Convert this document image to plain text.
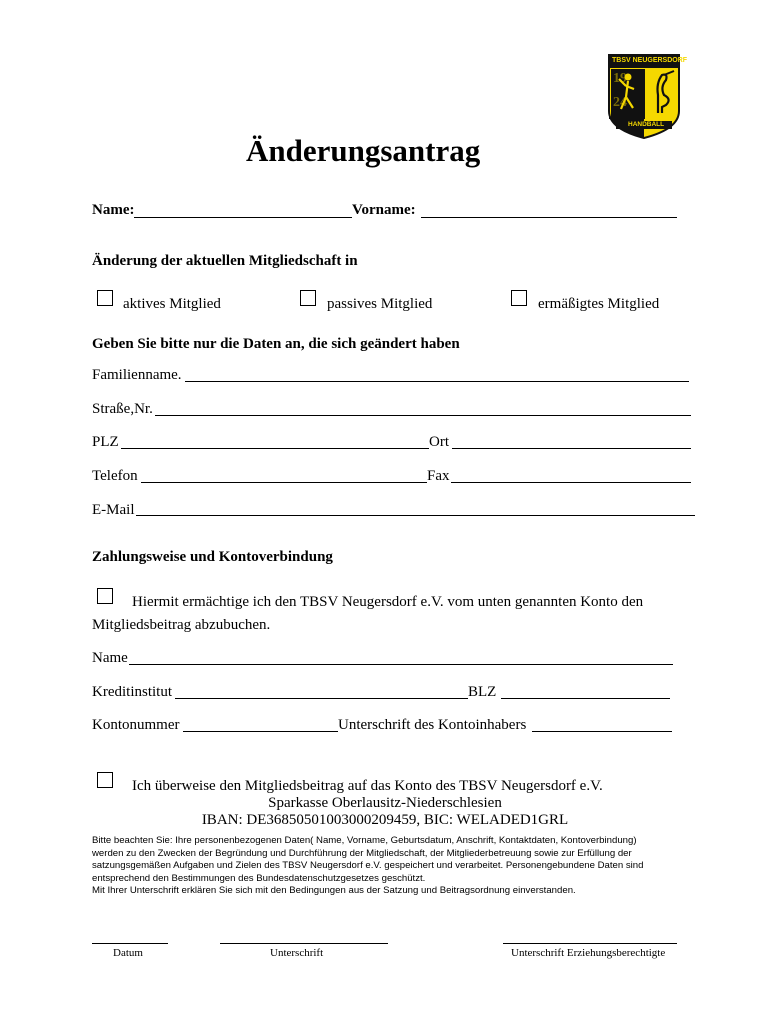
TBSV NEUGERSDORF
19
24
HANDBALL
Änderungsantrag
Name:	Vorname:
Änderung der aktuellen Mitgliedschaft in
aktives Mitglied	passives Mitglied	ermäßigtes Mitglied
Geben Sie bitte nur die Daten an, die sich geändert haben
Familienname.
Straße,Nr.
PLZ	Ort
Telefon	Fax
E-Mail
Zahlungsweise und Kontoverbindung
Hiermit ermächtige ich den TBSV Neugersdorf e.V. vom unten genannten Konto den
Mitgliedsbeitrag abzubuchen.
Name
Kreditinstitut	BLZ
Kontonummer	Unterschrift des Kontoinhabers
Ich überweise den Mitgliedsbeitrag auf das Konto des TBSV Neugersdorf e.V.
Sparkasse Oberlausitz-Niederschlesien
IBAN: DE36850501003000209459, BIC: WELADED1GRL
Bitte beachten Sie: Ihre personenbezogenen Daten( Name, Vorname, Geburtsdatum, Anschrift, Kontaktdaten, Kontoverbindung)
werden zu den Zwecken der Begründung und Durchführung der Mitgliedschaft, der Mitgliederbetreuung sowie zur Erfüllung der
satzungsgemäßen Aufgaben und Zielen des TBSV Neugersdorf e.V. gespeichert und verarbeitet. Personengebundene Daten sind
entsprechend den Bestimmungen des Bundesdatenschutzgesetzes geschützt.
Mit Ihrer Unterschrift erklären Sie sich mit den Bedingungen aus der Satzung und Beitragsordnung einverstanden.
Datum	Unterschrift	Unterschrift Erziehungsberechtigte
